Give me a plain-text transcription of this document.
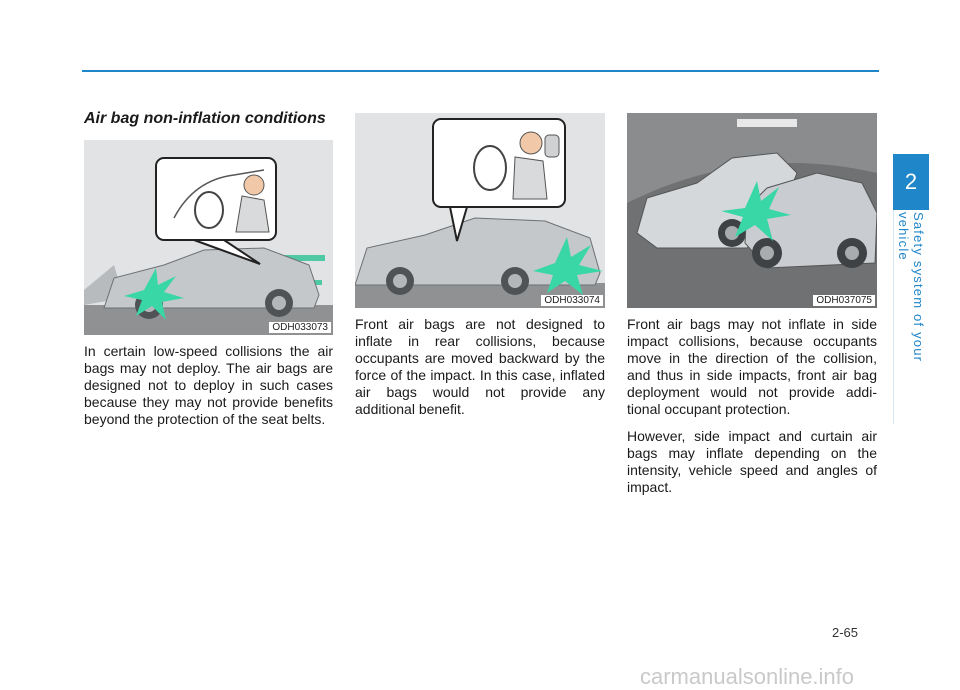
2
Safety system of your vehicle
Air bag non-inflation conditions
ODH033073
ODH033074	ODH037075

In certain low-speed collisions the air bags may not deploy. The air bags are designed not to deploy in such cases because they may not provide benefits beyond the protection of the seat belts.

Front air bags are not designed to inflate in rear collisions, because occupants are moved backward by the force of the impact. In this case, inflated air bags would not provide any additional benefit.

Front air bags may not inflate in side impact collisions, because occupants move in the direction of the collision, and thus in side impacts, front air bag deployment would not provide addi-tional occupant protection.

However, side impact and curtain air bags may inflate depending on the intensity, vehicle speed and angles of impact.

2-65
carmanualsonline.info
